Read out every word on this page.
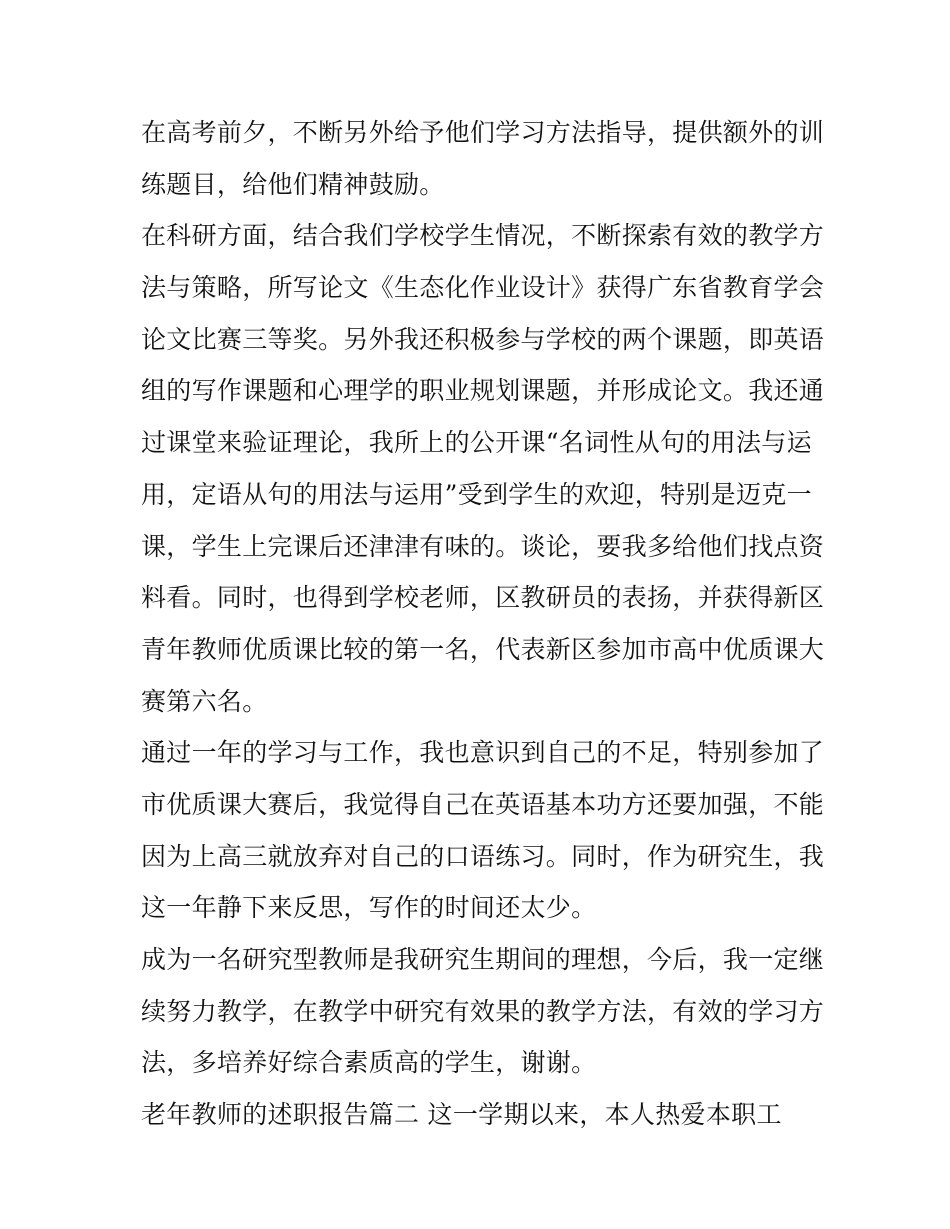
在高考前夕，不断另外给予他们学习方法指导，提供额外的训
练题目，给他们精神鼓励。
在科研方面，结合我们学校学生情况，不断探索有效的教学方
法与策略，所写论文《生态化作业设计》获得广东省教育学会
论文比赛三等奖。另外我还积极参与学校的两个课题，即英语
组的写作课题和心理学的职业规划课题，并形成论文。我还通
过课堂来验证理论，我所上的公开课“名词性从句的用法与运
用，定语从句的用法与运用”受到学生的欢迎，特别是迈克一
课，学生上完课后还津津有味的。谈论，要我多给他们找点资
料看。同时，也得到学校老师，区教研员的表扬，并获得新区
青年教师优质课比较的第一名，代表新区参加市高中优质课大
赛第六名。
通过一年的学习与工作，我也意识到自己的不足，特别参加了
市优质课大赛后，我觉得自己在英语基本功方还要加强，不能
因为上高三就放弃对自己的口语练习。同时，作为研究生，我
这一年静下来反思，写作的时间还太少。
成为一名研究型教师是我研究生期间的理想，今后，我一定继
续努力教学，在教学中研究有效果的教学方法，有效的学习方
法，多培养好综合素质高的学生，谢谢。
老年教师的述职报告篇二 这一学期以来，本人热爱本职工
